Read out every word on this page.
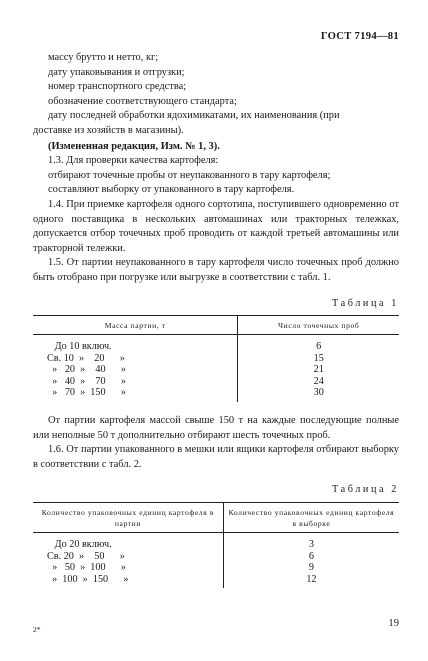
ГОСТ 7194—81

массу брутто и нетто, кг;

дату упаковывания и отгрузки;

номер транспортного средства;

обозначение соответствующего стандарта;

дату последней обработки ядохимикатами, их наименования (при

доставке из хозяйств в магазины).

(Измененная редакция, Изм. № 1, 3).

1.3. Для проверки качества картофеля:

отбирают точечные пробы от неупакованного в тару картофеля;

составляют выборку от упакованного в тару картофеля.

1.4. При приемке картофеля одного сортотипа, поступившего одновременно от одного поставщика в нескольких автомашинах или тракторных тележках, допускается отбор точечных проб проводить от каждой третьей автомашины или тракторной тележки.

1.5. От партии неупакованного в тару картофеля число точечных проб должно быть отобрано при погрузке или выгрузке в соответствии с табл. 1.

Таблица 1
Масса партии, т	Число точечных проб
До 10 включ.	6
Св. 10  »    20      »	15
»   20  »    40      »	21
»   40  »    70      »	24
»   70  »  150      »	30

От партии картофеля массой свыше 150 т на каждые последующие полные или неполные 50 т дополнительно отбирают шесть точечных проб.

1.6. От партии упакованного в мешки или ящики картофеля отбирают выборку в соответствии с табл. 2.

Таблица 2
Количество упаковочных единиц картофеля в партии	Количество упаковочных единиц картофеля в выборке
До 20 включ.	3
Св. 20  »    50      »	6
»   50  »  100      »	9
»  100  »  150      »	12
2*
19
